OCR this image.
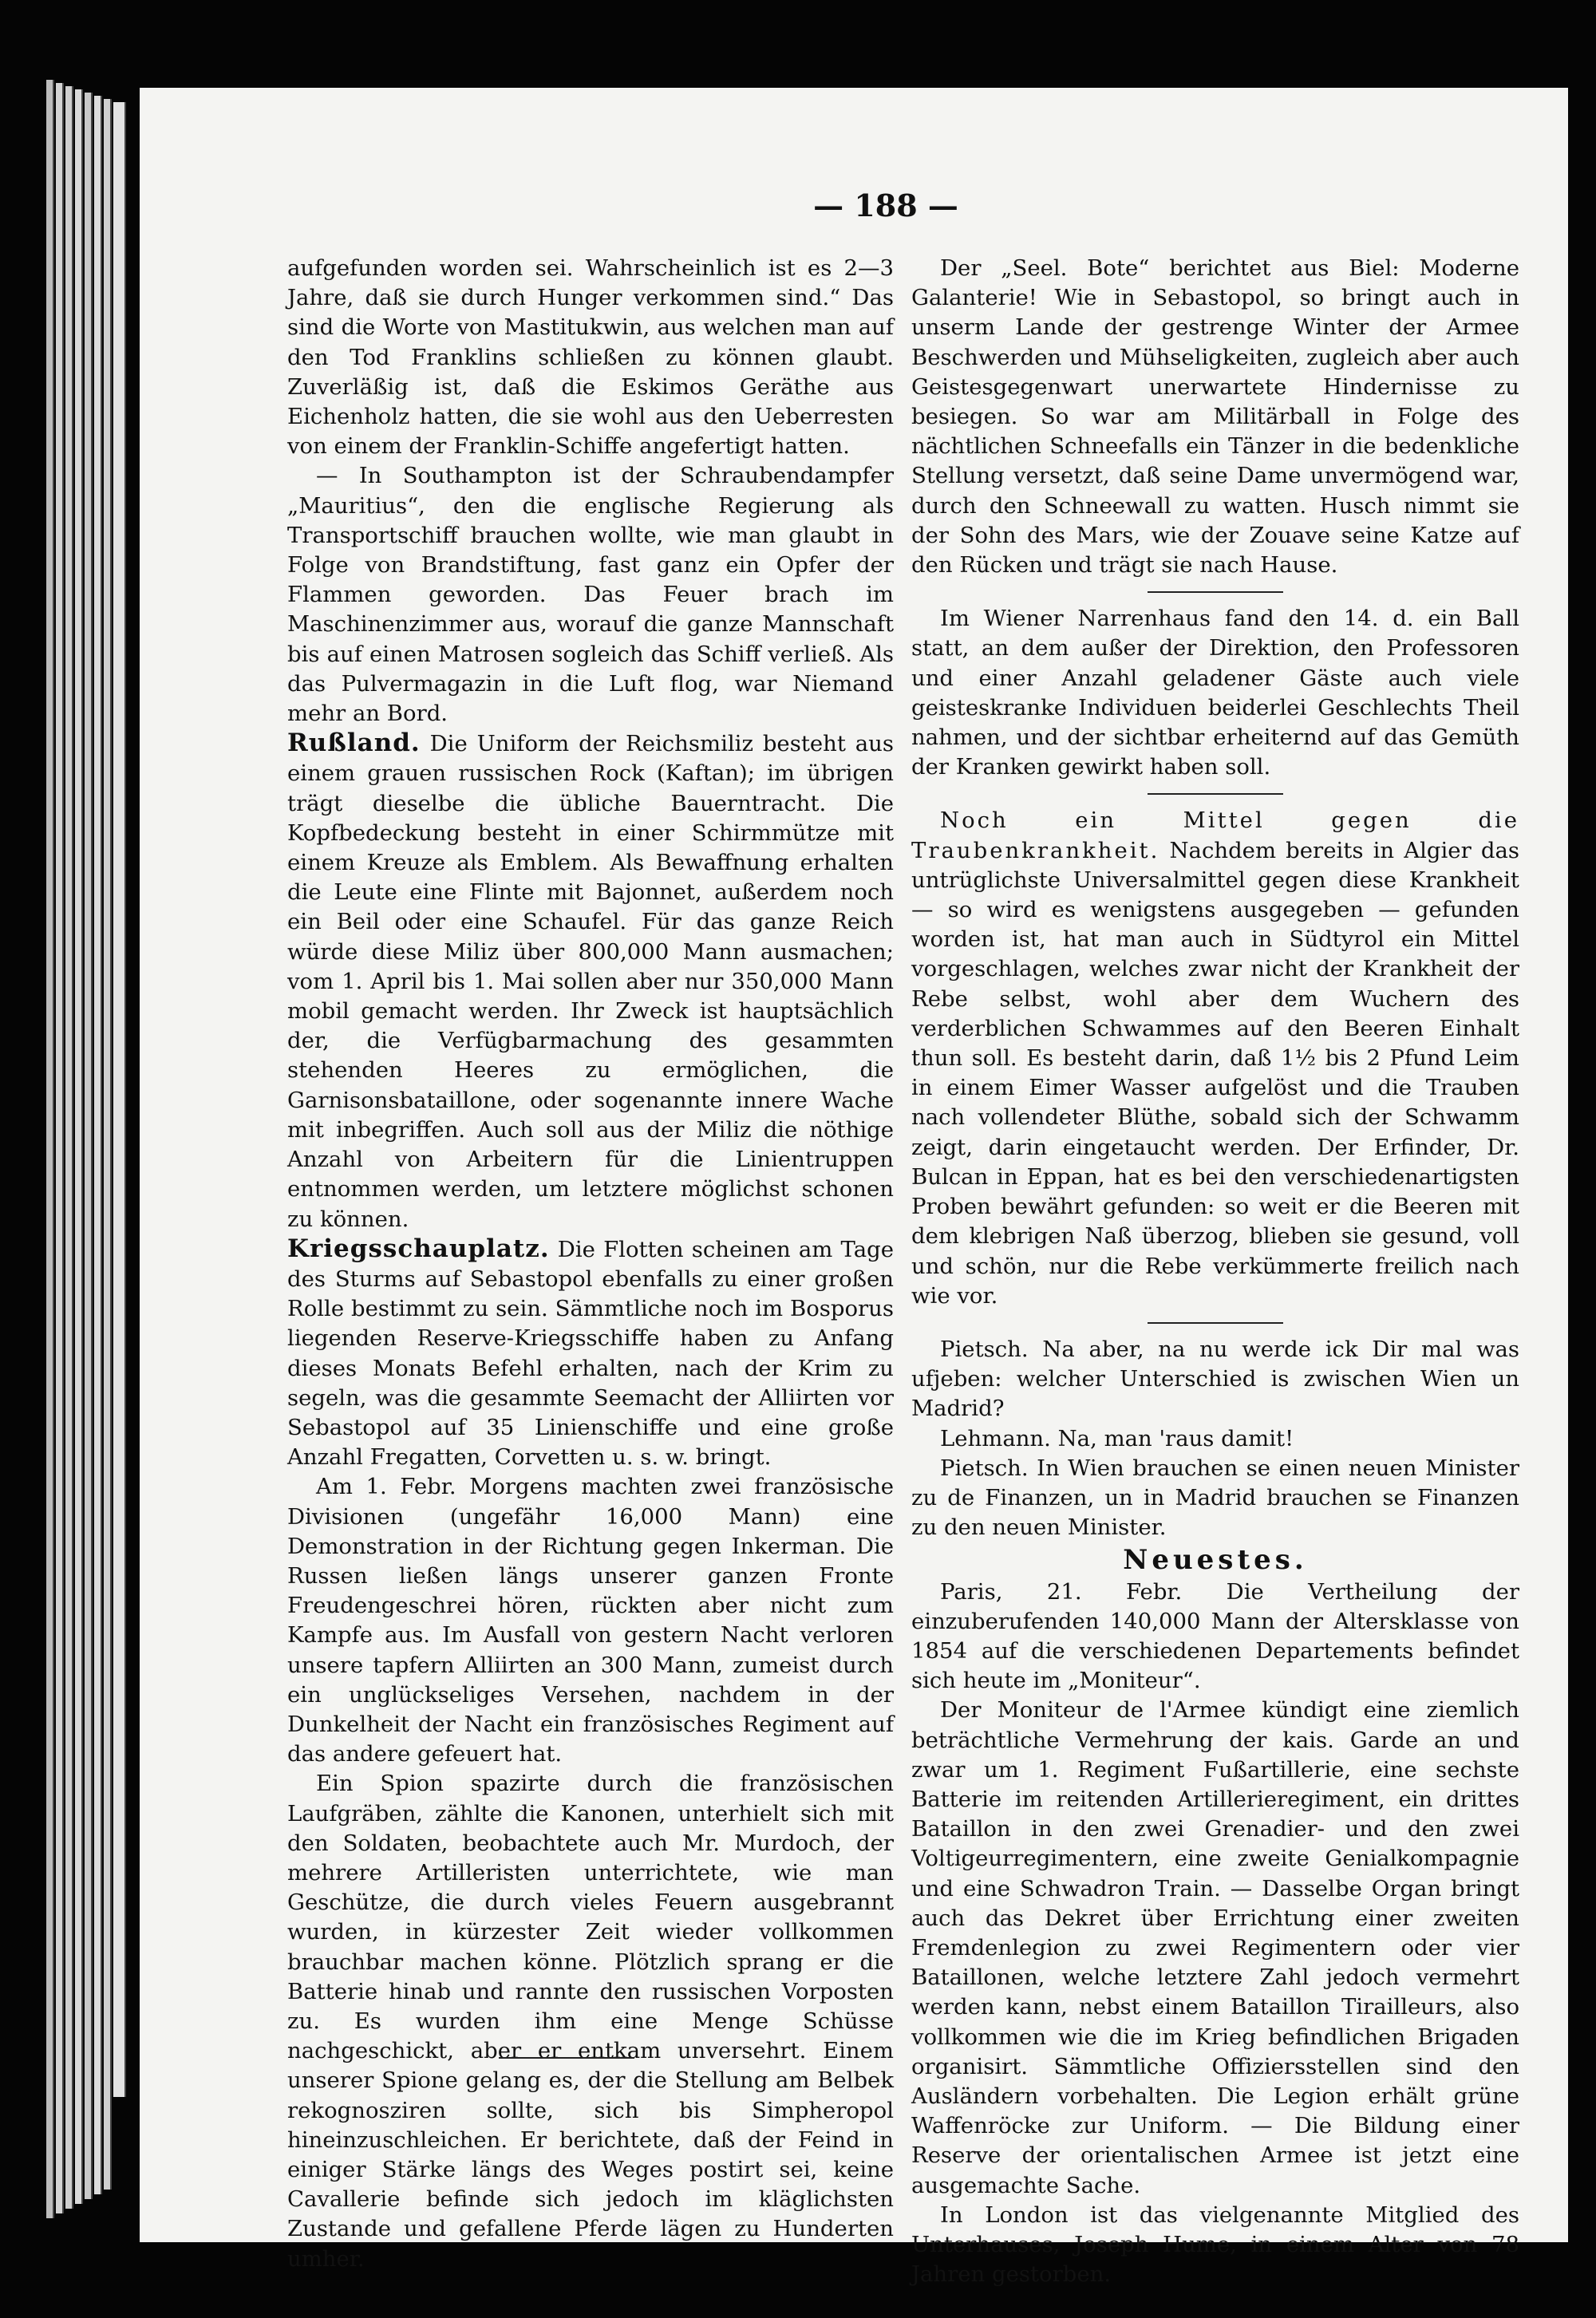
— 188 —

aufgefunden worden sei. Wahrscheinlich ist es 2—3 Jahre, daß sie durch Hunger verkommen sind.“ Das sind die Worte von Mastitukwin, aus welchen man auf den Tod Franklins schließen zu können glaubt. Zuverläßig ist, daß die Eskimos Geräthe aus Eichenholz hatten, die sie wohl aus den Ueberresten von einem der Franklin-Schiffe angefertigt hatten.

— In Southampton ist der Schraubendampfer „Mauritius“, den die englische Regierung als Transportschiff brauchen wollte, wie man glaubt in Folge von Brandstiftung, fast ganz ein Opfer der Flammen geworden. Das Feuer brach im Maschinenzimmer aus, worauf die ganze Mannschaft bis auf einen Matrosen sogleich das Schiff verließ. Als das Pulvermagazin in die Luft flog, war Niemand mehr an Bord.

Rußland. Die Uniform der Reichsmiliz besteht aus einem grauen russischen Rock (Kaftan); im übrigen trägt dieselbe die übliche Bauerntracht. Die Kopfbedeckung besteht in einer Schirmmütze mit einem Kreuze als Emblem. Als Bewaffnung erhalten die Leute eine Flinte mit Bajonnet, außerdem noch ein Beil oder eine Schaufel. Für das ganze Reich würde diese Miliz über 800,000 Mann ausmachen; vom 1. April bis 1. Mai sollen aber nur 350,000 Mann mobil gemacht werden. Ihr Zweck ist hauptsächlich der, die Verfügbarmachung des gesammten stehenden Heeres zu ermöglichen, die Garnisonsbataillone, oder sogenannte innere Wache mit inbegriffen. Auch soll aus der Miliz die nöthige Anzahl von Arbeitern für die Linientruppen entnommen werden, um letztere möglichst schonen zu können.

Kriegsschauplatz. Die Flotten scheinen am Tage des Sturms auf Sebastopol ebenfalls zu einer großen Rolle bestimmt zu sein. Sämmtliche noch im Bosporus liegenden Reserve-Kriegsschiffe haben zu Anfang dieses Monats Befehl erhalten, nach der Krim zu segeln, was die gesammte Seemacht der Alliirten vor Sebastopol auf 35 Linienschiffe und eine große Anzahl Fregatten, Corvetten u. s. w. bringt.

Am 1. Febr. Morgens machten zwei französische Divisionen (ungefähr 16,000 Mann) eine Demonstration in der Richtung gegen Inkerman. Die Russen ließen längs unserer ganzen Fronte Freudengeschrei hören, rückten aber nicht zum Kampfe aus. Im Ausfall von gestern Nacht verloren unsere tapfern Alliirten an 300 Mann, zumeist durch ein unglückseliges Versehen, nachdem in der Dunkelheit der Nacht ein französisches Regiment auf das andere gefeuert hat.

Ein Spion spazirte durch die französischen Laufgräben, zählte die Kanonen, unterhielt sich mit den Soldaten, beobachtete auch Mr. Murdoch, der mehrere Artilleristen unterrichtete, wie man Geschütze, die durch vieles Feuern ausgebrannt wurden, in kürzester Zeit wieder vollkommen brauchbar machen könne. Plötzlich sprang er die Batterie hinab und rannte den russischen Vorposten zu. Es wurden ihm eine Menge Schüsse nachgeschickt, aber er entkam unversehrt. Einem unserer Spione gelang es, der die Stellung am Belbek rekognosziren sollte, sich bis Simpheropol hineinzuschleichen. Er berichtete, daß der Feind in einiger Stärke längs des Weges postirt sei, keine Cavallerie befinde sich jedoch im kläglichsten Zustande und gefallene Pferde lägen zu Hunderten umher.

Der „Seel. Bote“ berichtet aus Biel: Moderne Galanterie! Wie in Sebastopol, so bringt auch in unserm Lande der gestrenge Winter der Armee Beschwerden und Mühseligkeiten, zugleich aber auch Geistesgegenwart unerwartete Hindernisse zu besiegen. So war am Militärball in Folge des nächtlichen Schneefalls ein Tänzer in die bedenkliche Stellung versetzt, daß seine Dame unvermögend war, durch den Schneewall zu watten. Husch nimmt sie der Sohn des Mars, wie der Zouave seine Katze auf den Rücken und trägt sie nach Hause.

Im Wiener Narrenhaus fand den 14. d. ein Ball statt, an dem außer der Direktion, den Professoren und einer Anzahl geladener Gäste auch viele geisteskranke Individuen beiderlei Geschlechts Theil nahmen, und der sichtbar erheiternd auf das Gemüth der Kranken gewirkt haben soll.

Noch ein Mittel gegen die Traubenkrankheit. Nachdem bereits in Algier das untrüglichste Universalmittel gegen diese Krankheit — so wird es wenigstens ausgegeben — gefunden worden ist, hat man auch in Südtyrol ein Mittel vorgeschlagen, welches zwar nicht der Krankheit der Rebe selbst, wohl aber dem Wuchern des verderblichen Schwammes auf den Beeren Einhalt thun soll. Es besteht darin, daß 1½ bis 2 Pfund Leim in einem Eimer Wasser aufgelöst und die Trauben nach vollendeter Blüthe, sobald sich der Schwamm zeigt, darin eingetaucht werden. Der Erfinder, Dr. Bulcan in Eppan, hat es bei den verschiedenartigsten Proben bewährt gefunden: so weit er die Beeren mit dem klebrigen Naß überzog, blieben sie gesund, voll und schön, nur die Rebe verkümmerte freilich nach wie vor.

Pietsch. Na aber, na nu werde ick Dir mal was ufjeben: welcher Unterschied is zwischen Wien un Madrid?

Lehmann. Na, man 'raus damit!

Pietsch. In Wien brauchen se einen neuen Minister zu de Finanzen, un in Madrid brauchen se Finanzen zu den neuen Minister.

Neuestes.

Paris, 21. Febr. Die Vertheilung der einzuberufenden 140,000 Mann der Altersklasse von 1854 auf die verschiedenen Departements befindet sich heute im „Moniteur“.

Der Moniteur de l'Armee kündigt eine ziemlich beträchtliche Vermehrung der kais. Garde an und zwar um 1. Regiment Fußartillerie, eine sechste Batterie im reitenden Artillerieregiment, ein drittes Bataillon in den zwei Grenadier- und den zwei Voltigeurregimentern, eine zweite Genialkompagnie und eine Schwadron Train. — Dasselbe Organ bringt auch das Dekret über Errichtung einer zweiten Fremdenlegion zu zwei Regimentern oder vier Bataillonen, welche letztere Zahl jedoch vermehrt werden kann, nebst einem Bataillon Tirailleurs, also vollkommen wie die im Krieg befindlichen Brigaden organisirt. Sämmtliche Offiziersstellen sind den Ausländern vorbehalten. Die Legion erhält grüne Waffenröcke zur Uniform. — Die Bildung einer Reserve der orientalischen Armee ist jetzt eine ausgemachte Sache.

In London ist das vielgenannte Mitglied des Unterhauses, Joseph Hume, in einem Alter von 78 Jahren gestorben.
